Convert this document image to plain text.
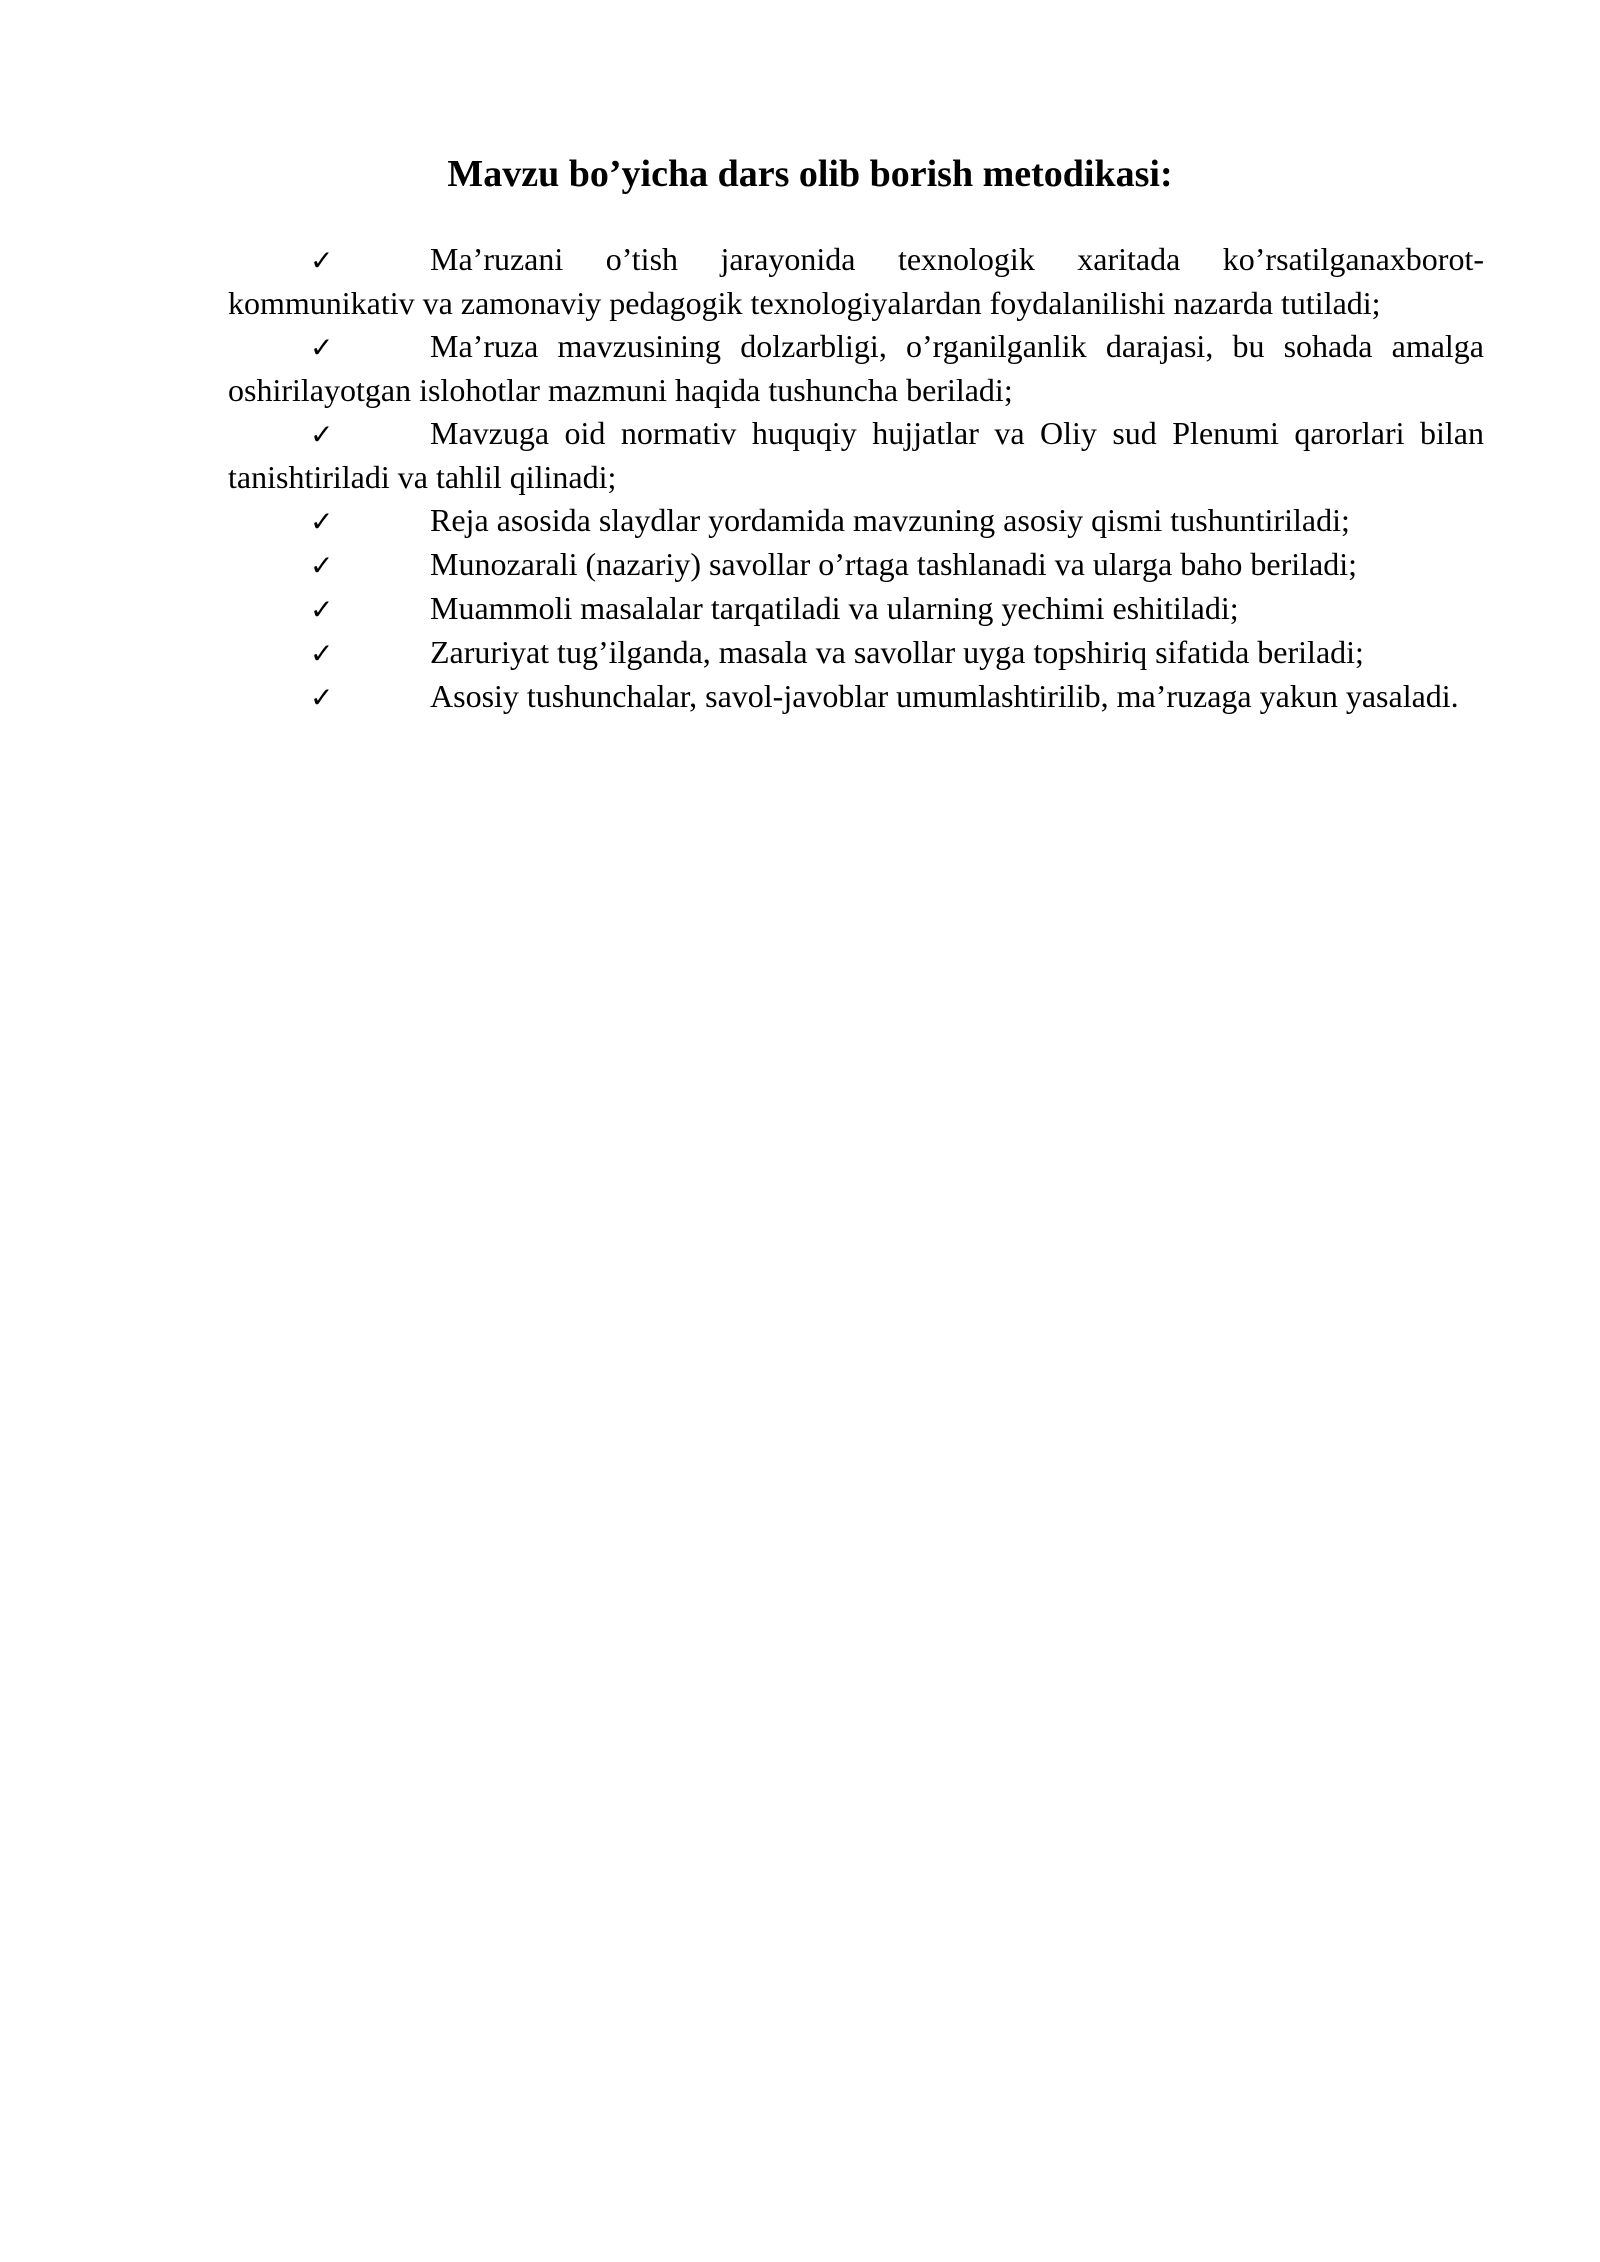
Mavzu bo’yicha dars olib borish metodikasi:
✓	Ma’ruzani o’tish jarayonida texnologik xaritada ko’rsatilganaxborot-kommunikativ va zamonaviy pedagogik texnologiyalardan foydalanilishi nazarda tutiladi;
✓	Ma’ruza mavzusining dolzarbligi, o’rganilganlik darajasi, bu sohada amalga oshirilayotgan islohotlar mazmuni haqida tushuncha beriladi;
✓	Mavzuga oid normativ huquqiy hujjatlar va Oliy sud Plenumi qarorlari bilan tanishtiriladi va tahlil qilinadi;
✓	Reja asosida slaydlar yordamida mavzuning asosiy qismi tushuntiriladi;
✓	Munozarali (nazariy) savollar o’rtaga tashlanadi va ularga baho beriladi;
✓	Muammoli masalalar tarqatiladi va ularning yechimi eshitiladi;
✓	Zaruriyat tug’ilganda, masala va savollar uyga topshiriq sifatida beriladi;
✓	Asosiy tushunchalar, savol-javoblar umumlashtirilib, ma’ruzaga yakun yasaladi.
